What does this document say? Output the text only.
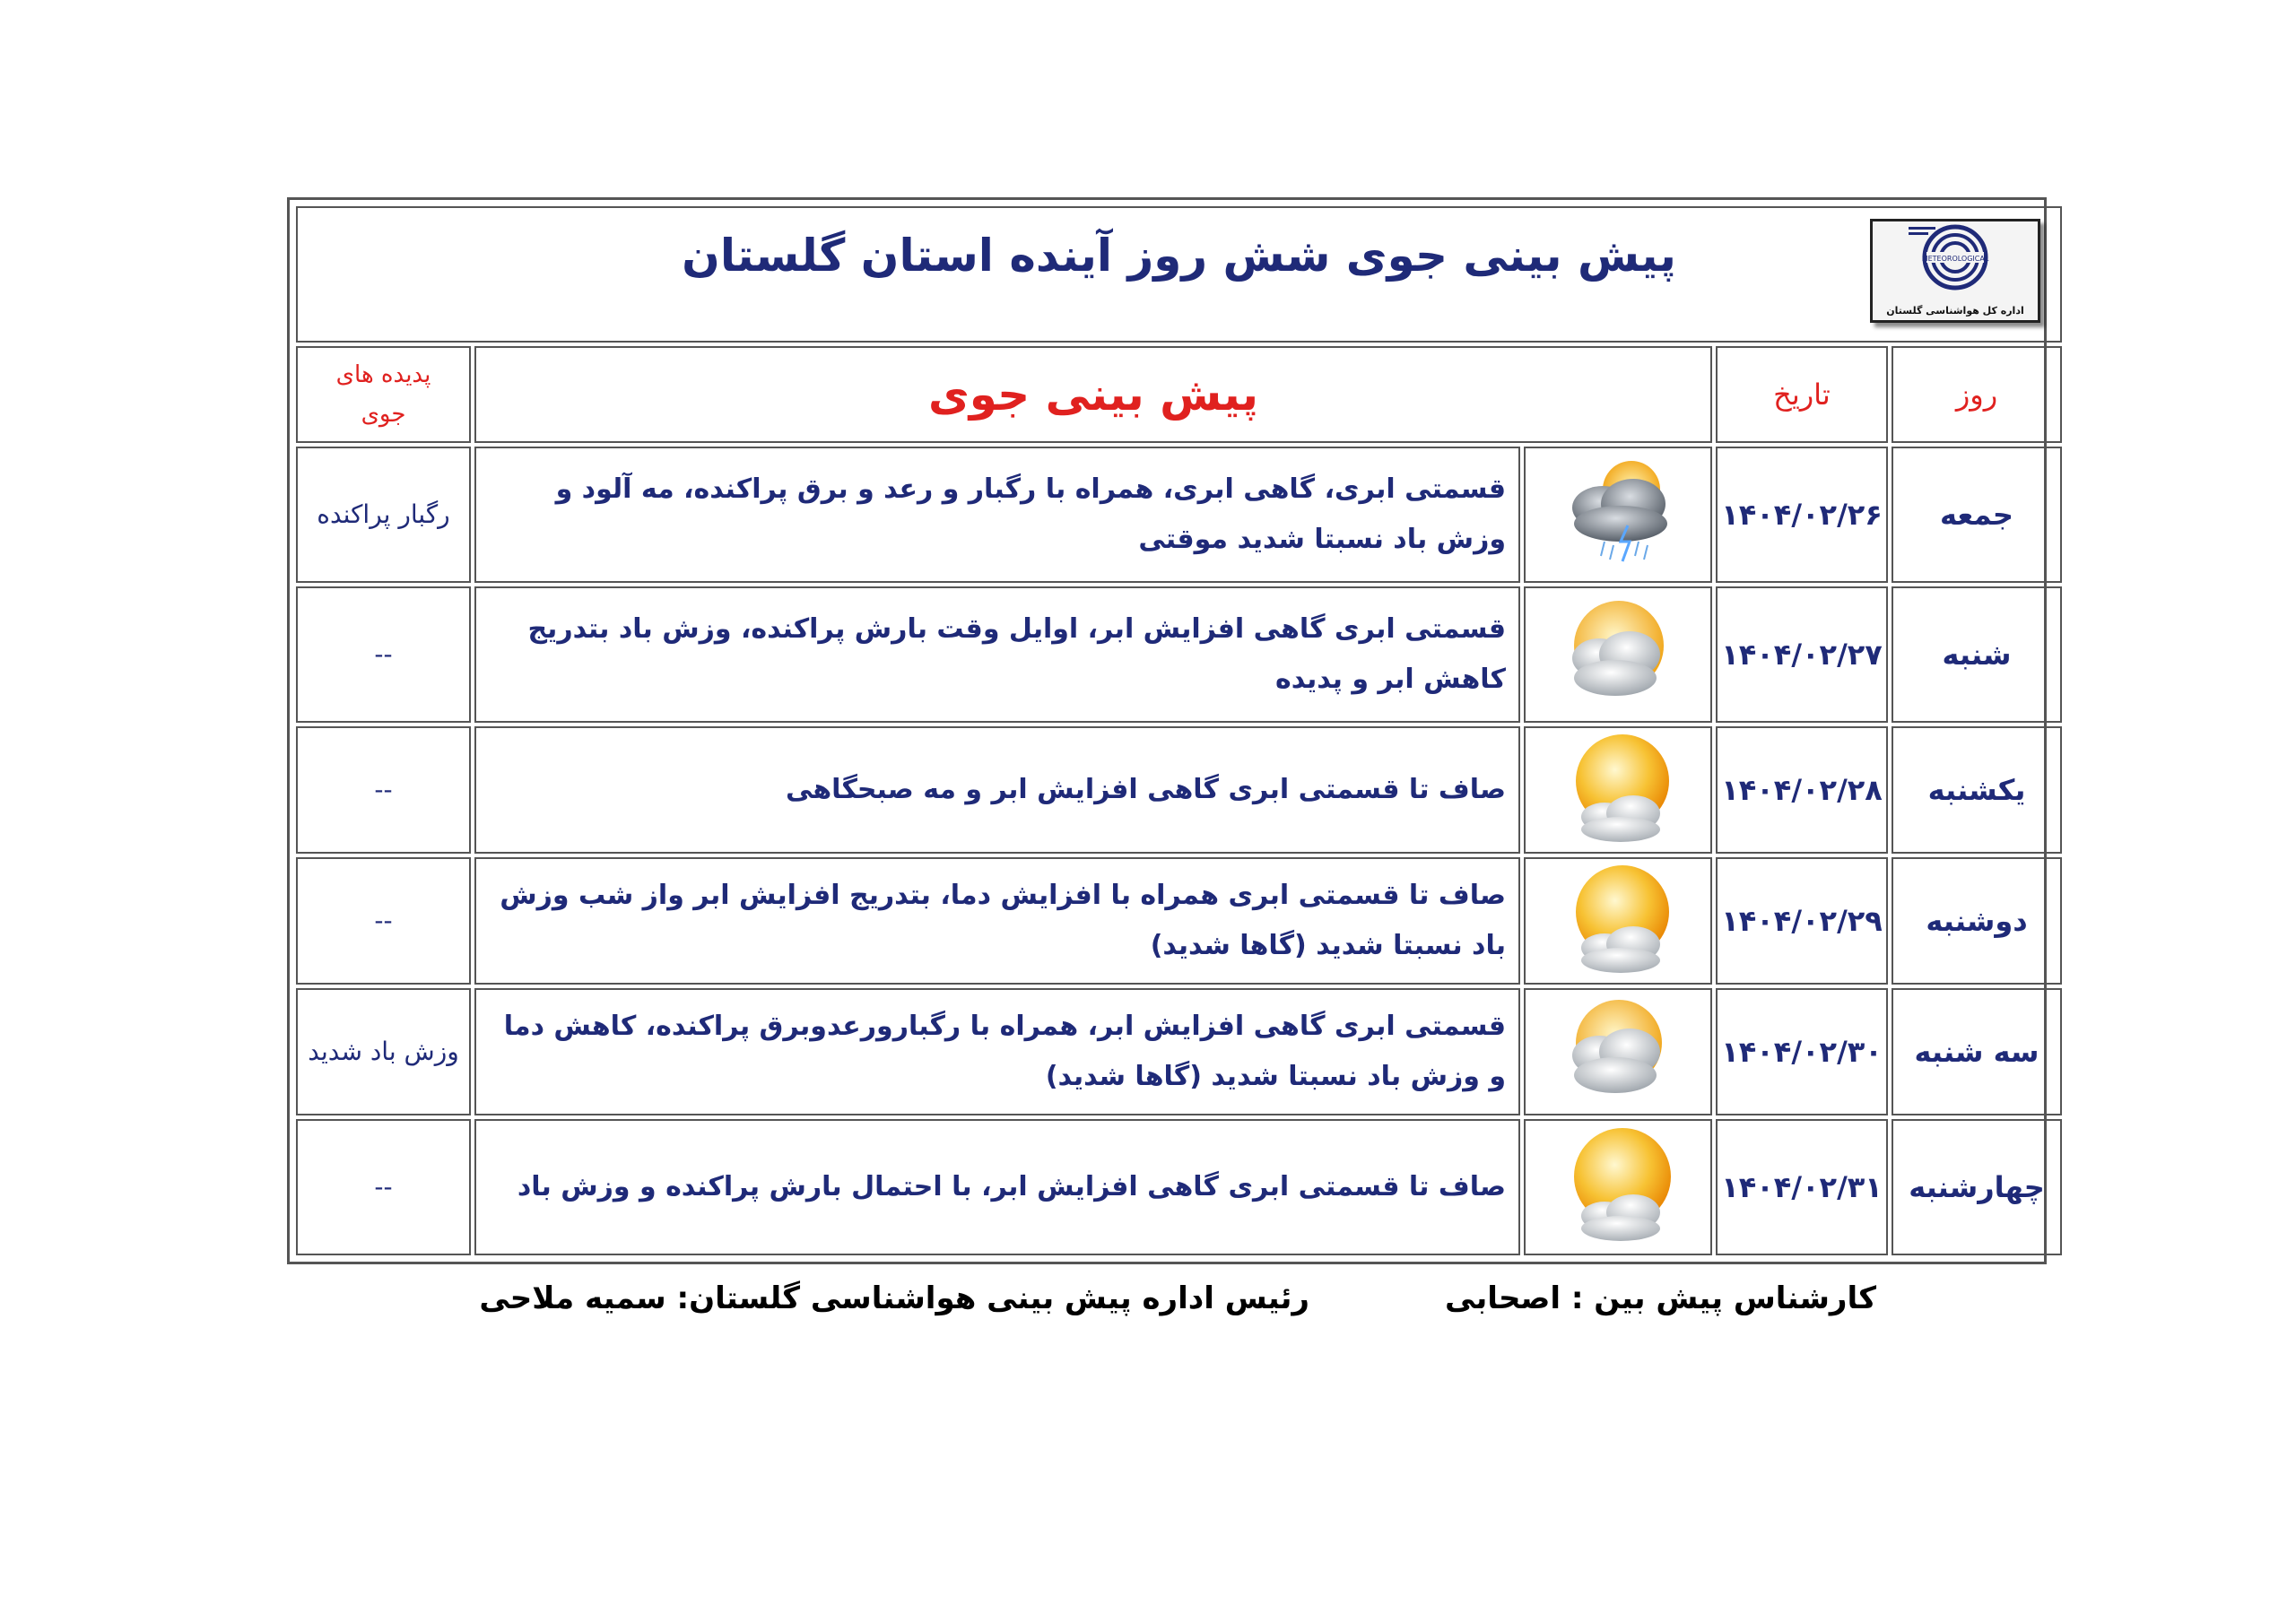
پیش بینی جوی شش روز آینده استان گلستان METEOROLOGICAL
اداره کل هواشناسی گلستان				

روز	تاریخ	پیش بینی جوی		پدیده های
جوی

جمعه	۱۴۰۴/۰۲/۲۶		قسمتی ابری، گاهی ابری، همراه با رگبار و رعد و برق پراکنده، مه آلود و وزش باد نسبتا شدید موقتی	رگبار پراکنده
شنبه	۱۴۰۴/۰۲/۲۷		قسمتی ابری گاهی افزایش ابر، اوایل وقت بارش پراکنده، وزش باد بتدریج کاهش ابر و پدیده	--
یکشنبه	۱۴۰۴/۰۲/۲۸		صاف تا قسمتی ابری گاهی افزایش ابر و مه صبحگاهی	--
دوشنبه	۱۴۰۴/۰۲/۲۹		صاف تا قسمتی ابری همراه با افزایش دما، بتدریج افزایش ابر واز شب وزش باد نسبتا شدید (گاها شدید)	--
سه شنبه	۱۴۰۴/۰۲/۳۰		قسمتی ابری گاهی افزایش ابر، همراه با رگبارورعدوبرق پراکنده، کاهش دما و وزش باد نسبتا شدید (گاها شدید)	وزش باد شدید
چهارشنبه	۱۴۰۴/۰۲/۳۱		صاف تا قسمتی ابری گاهی افزایش ابر، با احتمال بارش پراکنده و وزش باد	--
کارشناس پیش بین : اصحابی
رئیس اداره پیش بینی هواشناسی گلستان: سمیه ملاحی
